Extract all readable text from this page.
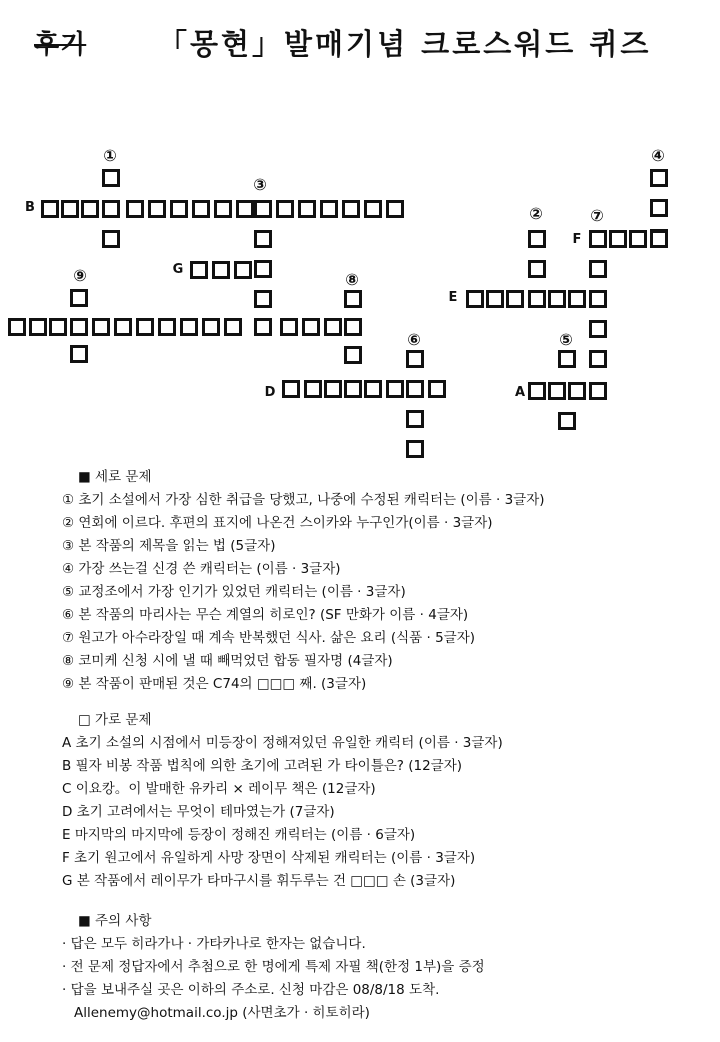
후기 「몽현」발매기념 크로스워드 퀴즈
①
③
⑨	⑧
⑥
④
②	⑦
⑤
B
G
D
E
F
A
■ 세로 문제
① 초기 소설에서 가장 심한 취급을 당했고, 나중에 수정된 캐릭터는 (이름 · 3글자)
② 연회에 이르다. 후편의 표지에 나온건 스이카와 누구인가(이름 · 3글자)
③ 본 작품의 제목을 읽는 법 (5글자)
④ 가장 쓰는걸 신경 쓴 캐릭터는 (이름 · 3글자)
⑤ 교정조에서 가장 인기가 있었던 캐릭터는 (이름 · 3글자)
⑥ 본 작품의 마리사는 무슨 계열의 히로인? (SF 만화가 이름 · 4글자)
⑦ 원고가 아수라장일 때 계속 반복했던 식사. 삶은 요리 (식품 · 5글자)
⑧ 코미케 신청 시에 낼 때 빼먹었던 합동 필자명 (4글자)
⑨ 본 작품이 판매된 것은 C74의 □□□ 째. (3글자)
□ 가로 문제
A 초기 소설의 시점에서 미등장이 정해져있던 유일한 캐릭터 (이름 · 3글자)
B 필자 비봉 작품 법칙에 의한 초기에 고려된 가 타이틀은? (12글자)
C 이요캉。이 발매한 유카리 × 레이무 책은 (12글자)
D 초기 고려에서는 무엇이 테마였는가 (7글자)
E 마지막의 마지막에 등장이 정해진 캐릭터는 (이름 · 6글자)
F 초기 원고에서 유일하게 사망 장면이 삭제된 캐릭터는 (이름 · 3글자)
G 본 작품에서 레이무가 타마구시를 휘두루는 건 □□□ 손 (3글자)
■ 주의 사항
· 답은 모두 히라가나 · 가타카나로 한자는 없습니다.
· 전 문제 정답자에서 추첨으로 한 명에게 특제 자필 책(한정 1부)을 증정
· 답을 보내주실 곳은 이하의 주소로. 신청 마감은 08/8/18 도착.
Allenemy@hotmail.co.jp (사면초가 · 히토히라)
